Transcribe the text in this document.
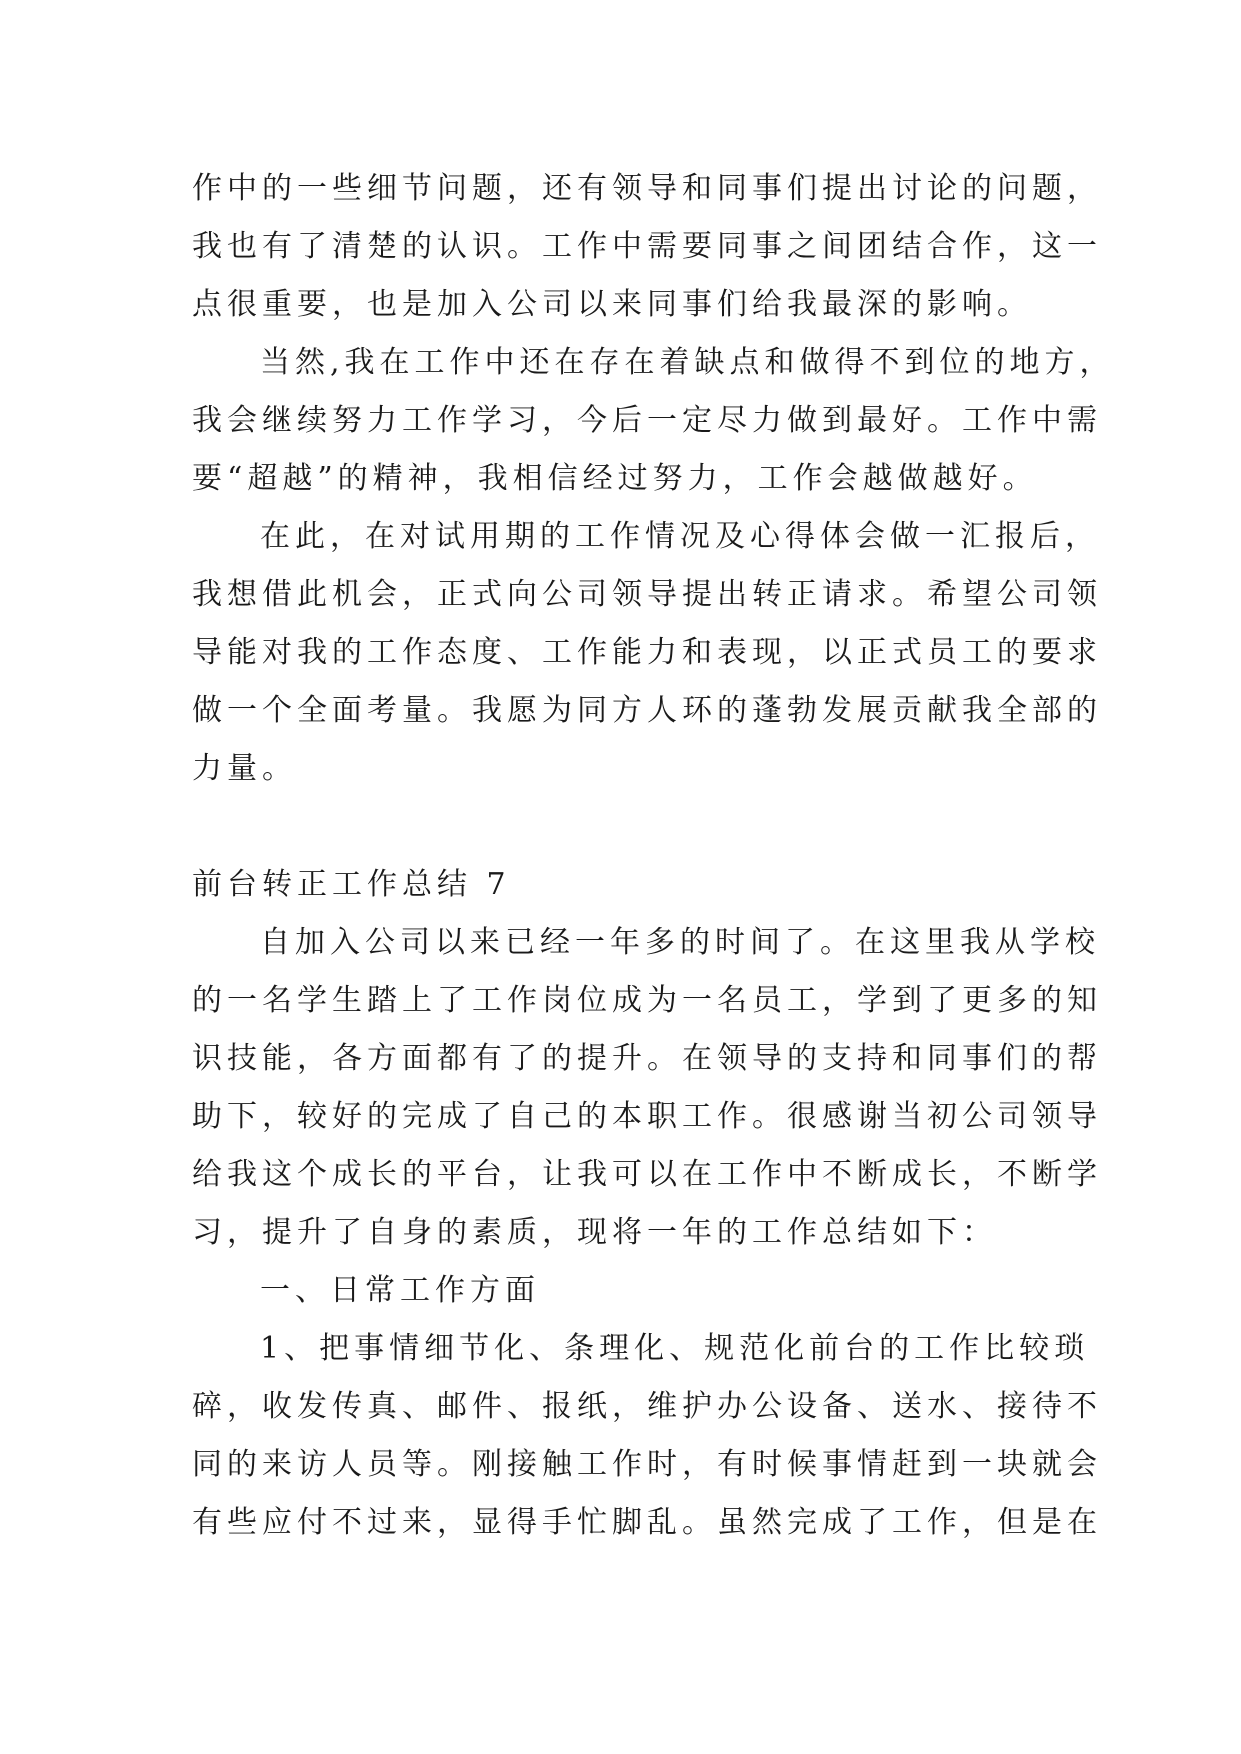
作中的一些细节问题，还有领导和同事们提出讨论的问题，
我也有了清楚的认识。工作中需要同事之间团结合作，这一
点很重要，也是加入公司以来同事们给我最深的影响。
当然,我在工作中还在存在着缺点和做得不到位的地方，
我会继续努力工作学习，今后一定尽力做到最好。工作中需
要“超越”的精神，我相信经过努力，工作会越做越好。
在此，在对试用期的工作情况及心得体会做一汇报后，
我想借此机会，正式向公司领导提出转正请求。希望公司领
导能对我的工作态度、工作能力和表现，以正式员工的要求
做一个全面考量。我愿为同方人环的蓬勃发展贡献我全部的
力量。
前台转正工作总结 7
自加入公司以来已经一年多的时间了。在这里我从学校
的一名学生踏上了工作岗位成为一名员工，学到了更多的知
识技能，各方面都有了的提升。在领导的支持和同事们的帮
助下，较好的完成了自己的本职工作。很感谢当初公司领导
给我这个成长的平台，让我可以在工作中不断成长，不断学
习，提升了自身的素质，现将一年的工作总结如下：
一、日常工作方面
1、把事情细节化、条理化、规范化前台的工作比较琐
碎，收发传真、邮件、报纸，维护办公设备、送水、接待不
同的来访人员等。刚接触工作时，有时候事情赶到一块就会
有些应付不过来，显得手忙脚乱。虽然完成了工作，但是在
